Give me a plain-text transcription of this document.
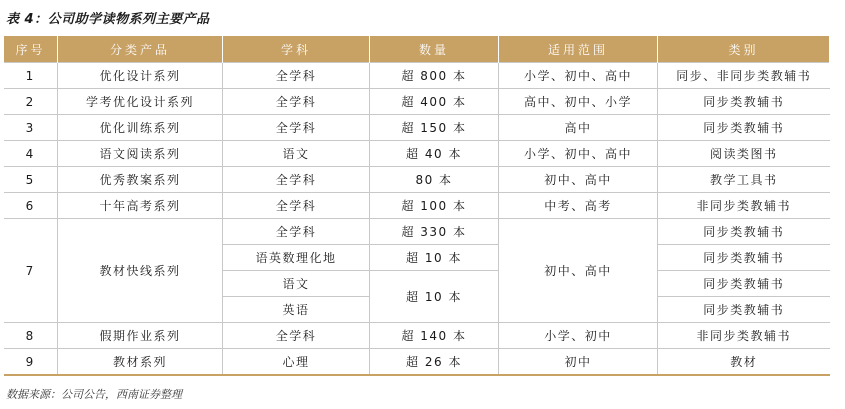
表 4：公司助学读物系列主要产品
序号	分类产品	学科	数量	适用范围	类别
1	优化设计系列	全学科	超 800 本	小学、初中、高中	同步、非同步类教辅书
2	学考优化设计系列	全学科	超 400 本	高中、初中、小学	同步类教辅书
3	优化训练系列	全学科	超 150 本	高中	同步类教辅书
4	语文阅读系列	语文	超 40 本	小学、初中、高中	阅读类图书
5	优秀教案系列	全学科	80 本	初中、高中	教学工具书
6	十年高考系列	全学科	超 100 本	中考、高考	非同步类教辅书
7	教材快线系列	全学科	超 330 本	初中、高中	同步类教辅书
		语英数理化地	超 10 本		同步类教辅书
		语文	超 10 本		同步类教辅书
		英语			同步类教辅书
8	假期作业系列	全学科	超 140 本	小学、初中	非同步类教辅书
9	教材系列	心理	超 26 本	初中	教材
数据来源：公司公告，西南证券整理
